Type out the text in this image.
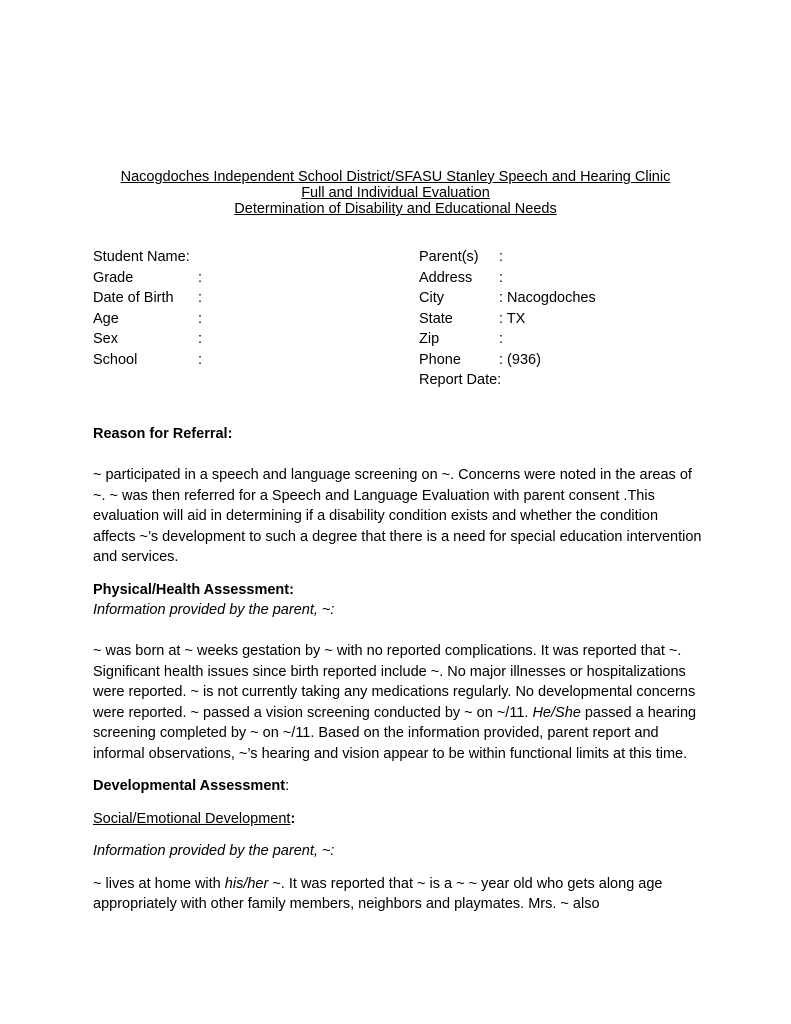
Nacogdoches Independent School District/SFASU Stanley Speech and Hearing Clinic
Full and Individual Evaluation
Determination of Disability and Educational Needs
Student Name:	Parent(s) :
Grade	:	Address :
Date of Birth :	City	: Nacogdoches
Age	:	State	: TX
Sex	:	Zip	:
School	:	Phone	: (936)
Report Date:

Reason for Referral:

~ participated in a speech and language screening on ~. Concerns were noted in the areas of ~. ~ was then referred for a Speech and Language Evaluation with parent consent .This evaluation will aid in determining if a disability condition exists and whether the condition affects ~’s development to such a degree that there is a need for special education intervention and services.

Physical/Health Assessment:

Information provided by the parent, ~:

~ was born at ~ weeks gestation by ~ with no reported complications. It was reported that ~. Significant health issues since birth reported include ~. No major illnesses or hospitalizations were reported. ~ is not currently taking any medications regularly. No developmental concerns were reported. ~ passed a vision screening conducted by ~ on ~/11. He/She passed a hearing screening completed by ~ on ~/11. Based on the information provided, parent report and informal observations, ~’s hearing and vision appear to be within functional limits at this time.

Developmental Assessment:

Social/Emotional Development:

Information provided by the parent, ~:

~ lives at home with his/her ~. It was reported that ~ is a ~ ~ year old who gets along age appropriately with other family members, neighbors and playmates. Mrs. ~ also
